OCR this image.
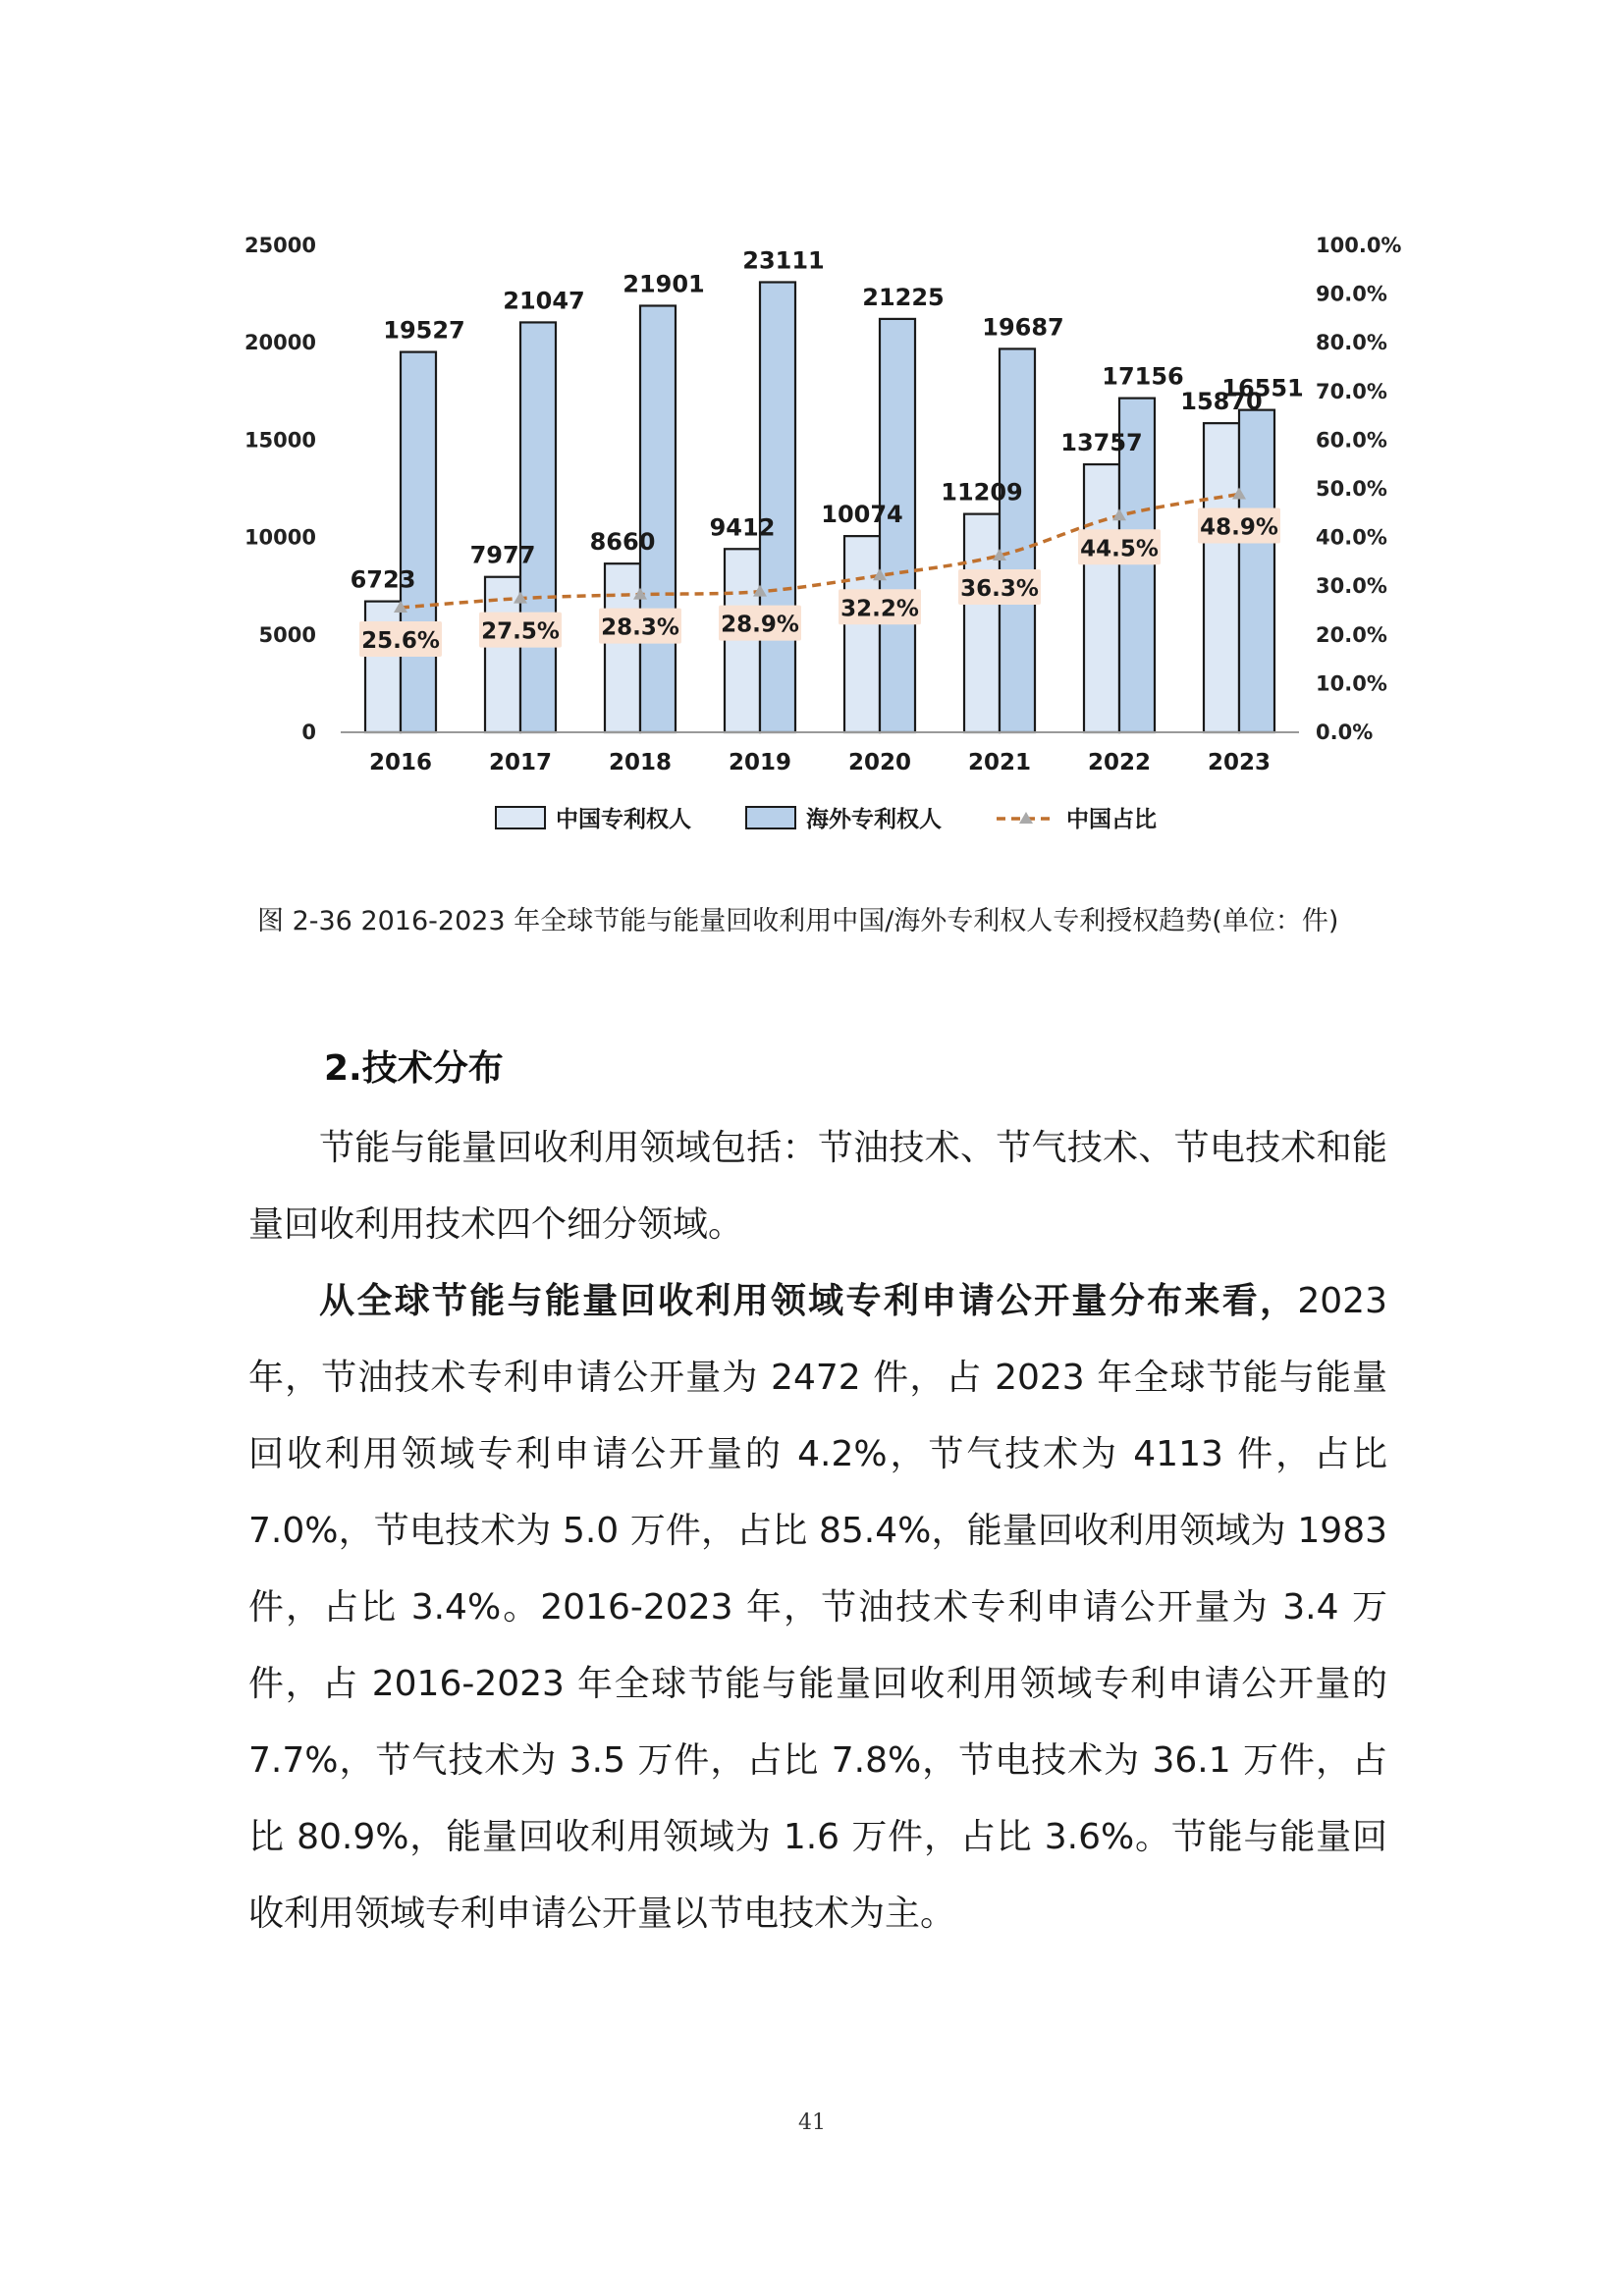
0
5000
10000
15000
20000
25000
0.0%
10.0%
20.0%
30.0%
40.0%
50.0%
60.0%
70.0%
80.0%
90.0%
100.0%
6723
19527
2016
7977
21047
2017
8660
21901
2018
9412
23111
2019
10074
21225
2020
11209
19687
2021
13757
17156
2022
15870
16551
2023
25.6% 27.5% 28.3% 28.9%
32.2%
36.3%
44.5%
48.9%
中国专利权人	海外专利权人	中国占比
图 2-36 2016-2023 年全球节能与能量回收利用中国/海外专利权人专利授权趋势(单位：件)
2.技术分布

节能与能量回收利用领域包括：节油技术、节气技术、节电技术和能量回收利用技术四个细分领域。

从全球节能与能量回收利用领域专利申请公开量分布来看，2023 年，节油技术专利申请公开量为 2472 件，占 2023 年全球节能与能量回收利用领域专利申请公开量的 4.2%，节气技术为 4113 件，占比 7.0%，节电技术为 5.0 万件，占比 85.4%，能量回收利用领域为 1983 件，占比 3.4%。2016-2023 年，节油技术专利申请公开量为 3.4 万件，占 2016-2023 年全球节能与能量回收利用领域专利申请公开量的 7.7%，节气技术为 3.5 万件，占比 7.8%，节电技术为 36.1 万件，占比 80.9%，能量回收利用领域为 1.6 万件，占比 3.6%。节能与能量回收利用领域专利申请公开量以节电技术为主。

41
